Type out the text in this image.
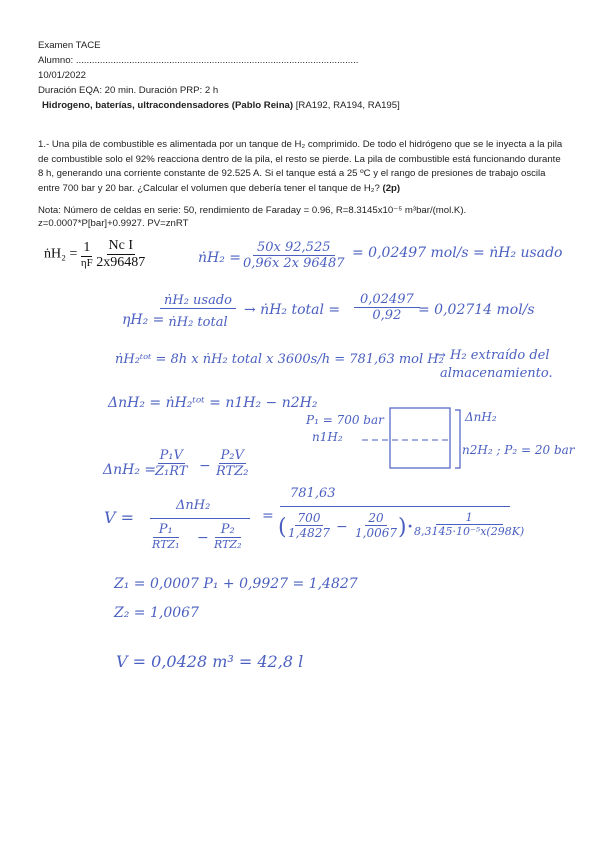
Examen TACE
Alumno: ..........................................................................................................
10/01/2022
Duración EQA: 20 min. Duración PRP: 2 h
Hidrogeno, baterías, ultracondensadores (Pablo Reina) [RA192, RA194, RA195]
1.- Una pila de combustible es alimentada por un tanque de H₂ comprimido. De todo el hidrógeno que se le inyecta a la pila de combustible solo el 92% reacciona dentro de la pila, el resto se pierde. La pila de combustible está funcionando durante 8 h, generando una corriente constante de 92.525 A. Si el tanque está a 25 ºC y el rango de presiones de trabajo oscila entre 700 bar y 20 bar. ¿Calcular el volumen que debería tener el tanque de H₂? (2p)
Nota: Número de celdas en serie: 50, rendimiento de Faraday = 0.96, R=8.3145x10⁻⁵ m³bar/(mol.K).
z=0.0007*P[bar]+0.9927. PV=znRT
ṅH₂ = $\frac{1}{\eta F}$
$\frac{\text{Nc I}}{2x96487}$	ṅH₂ = $\frac{50x 92,525}{0,96x 2x 96487} = 0,02497$ mol/s = ṅH₂ usado
ηH₂ =
ṅH₂ usado
ṅH₂ total
→ ṅH₂ total =
0,02497
0,92 = 0,02714 mol/s
ṅH₂ᵗᵒᵗ = 8h x ṅH₂ total x 3600s/h = 781,63 mol H₂
→ H₂ extraído del
almacenamiento.
ΔnH₂ = ṅH₂ᵗᵒᵗ = n1H₂ − n2H₂
P₁ = 700 bar
n1H₂
ΔnH₂
n2H₂ ; P₂ = 20 bar
ΔnH₂ =
P₁V
Z₁RT −
P₂V
RTZ₂
V =
ΔnH₂
P₁
RTZ₁ −
P₂
RTZ₂
=
781,63
( $\frac{700}{1,4827} - \frac{20}{1,0067}$ )· $\frac{1}{\text{8,3145·10⁻⁵x(298K)}}$
Z₁ = 0,0007 P₁ + 0,9927 = 1,4827
Z₂ = 1,0067
V = 0,0428 m³ = 42,8 l
